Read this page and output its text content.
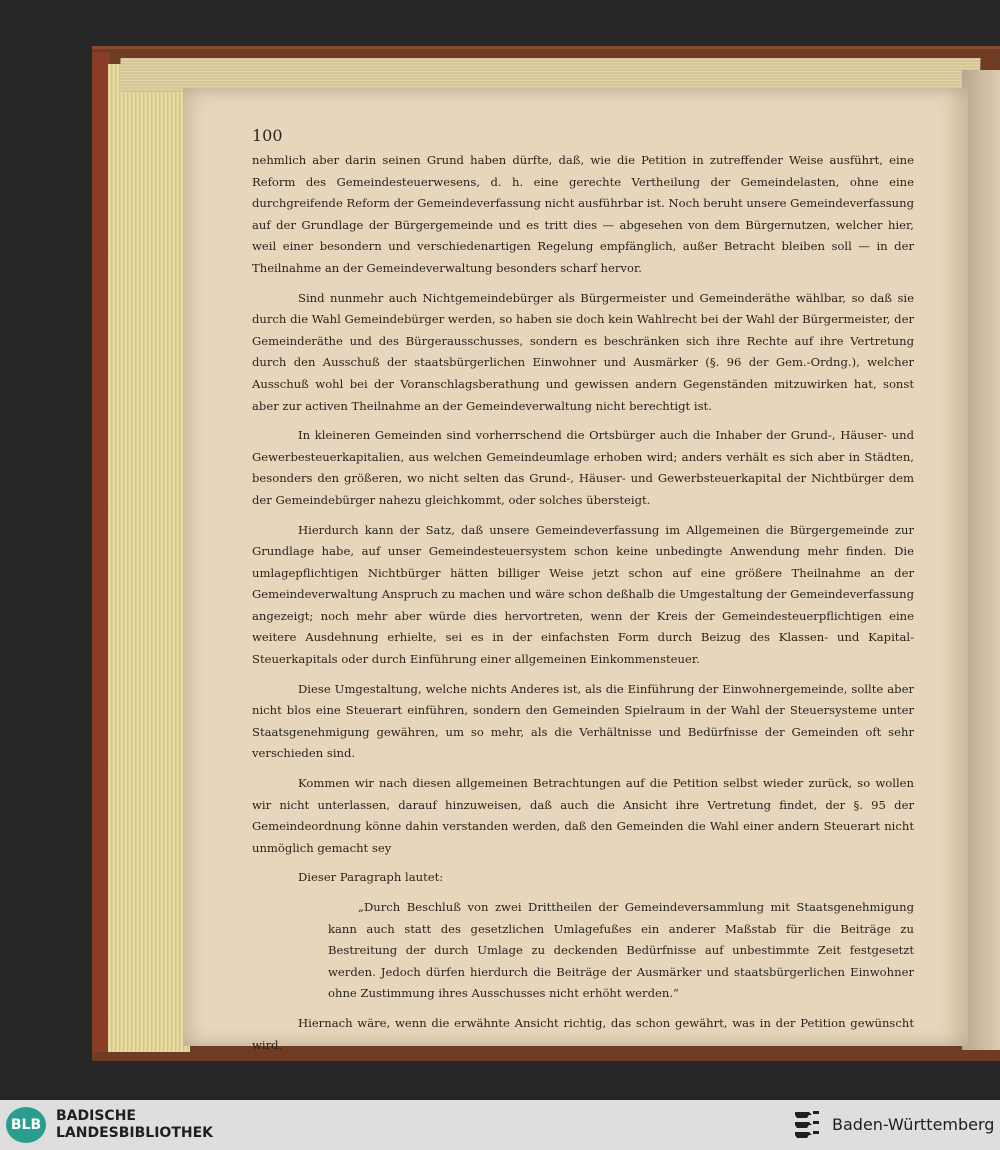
100

nehmlich aber darin seinen Grund haben dürfte, daß, wie die Petition in zutreffender Weise ausführt, eine Reform des Gemeindesteuerwesens, d. h. eine gerechte Vertheilung der Gemeindelasten, ohne eine durchgreifende Reform der Gemeindeverfassung nicht ausführbar ist. Noch beruht unsere Gemeindeverfassung auf der Grundlage der Bürgergemeinde und es tritt dies — abgesehen von dem Bürgernutzen, welcher hier, weil einer besondern und verschiedenartigen Regelung empfänglich, außer Betracht bleiben soll — in der Theilnahme an der Gemeindeverwaltung besonders scharf hervor.

Sind nunmehr auch Nichtgemeindebürger als Bürgermeister und Gemeinderäthe wählbar, so daß sie durch die Wahl Gemeindebürger werden, so haben sie doch kein Wahlrecht bei der Wahl der Bürgermeister, der Gemeinderäthe und des Bürgerausschusses, sondern es beschränken sich ihre Rechte auf ihre Vertretung durch den Ausschuß der staatsbürgerlichen Einwohner und Ausmärker (§. 96 der Gem.-Ordng.), welcher Ausschuß wohl bei der Voranschlagsberathung und gewissen andern Gegenständen mitzuwirken hat, sonst aber zur activen Theilnahme an der Gemeindeverwaltung nicht berechtigt ist.

In kleineren Gemeinden sind vorherrschend die Ortsbürger auch die Inhaber der Grund-, Häuser- und Gewerbesteuerkapitalien, aus welchen Gemeindeumlage erhoben wird; anders verhält es sich aber in Städten, besonders den größeren, wo nicht selten das Grund-, Häuser- und Gewerbsteuerkapital der Nichtbürger dem der Gemeindebürger nahezu gleichkommt, oder solches übersteigt.

Hierdurch kann der Satz, daß unsere Gemeindeverfassung im Allgemeinen die Bürgergemeinde zur Grundlage habe, auf unser Gemeindesteuersystem schon keine unbedingte Anwendung mehr finden. Die umlagepflichtigen Nichtbürger hätten billiger Weise jetzt schon auf eine größere Theilnahme an der Gemeindeverwaltung Anspruch zu machen und wäre schon deßhalb die Umgestaltung der Gemeindeverfassung angezeigt; noch mehr aber würde dies hervortreten, wenn der Kreis der Gemeindesteuerpflichtigen eine weitere Ausdehnung erhielte, sei es in der einfachsten Form durch Beizug des Klassen- und Kapital-Steuerkapitals oder durch Einführung einer allgemeinen Einkommensteuer.

Diese Umgestaltung, welche nichts Anderes ist, als die Einführung der Einwohnergemeinde, sollte aber nicht blos eine Steuerart einführen, sondern den Gemeinden Spielraum in der Wahl der Steuersysteme unter Staatsgenehmigung gewähren, um so mehr, als die Verhältnisse und Bedürfnisse der Gemeinden oft sehr verschieden sind.

Kommen wir nach diesen allgemeinen Betrachtungen auf die Petition selbst wieder zurück, so wollen wir nicht unterlassen, darauf hinzuweisen, daß auch die Ansicht ihre Vertretung findet, der §. 95 der Gemeindeordnung könne dahin verstanden werden, daß den Gemeinden die Wahl einer andern Steuerart nicht unmöglich gemacht sey

Dieser Paragraph lautet:

„Durch Beschluß von zwei Drittheilen der Gemeindeversammlung mit Staatsgenehmigung kann auch statt des gesetzlichen Umlagefußes ein anderer Maßstab für die Beiträge zu Bestreitung der durch Umlage zu deckenden Bedürfnisse auf unbestimmte Zeit festgesetzt werden. Jedoch dürfen hierdurch die Beiträge der Ausmärker und staatsbürgerlichen Einwohner ohne Zustimmung ihres Ausschusses nicht erhöht werden.“

Hiernach wäre, wenn die erwähnte Ansicht richtig, das schon gewährt, was in der Petition gewünscht wird.

BLB
BADISCHE
LANDESBIBLIOTHEK	Baden-Württemberg
